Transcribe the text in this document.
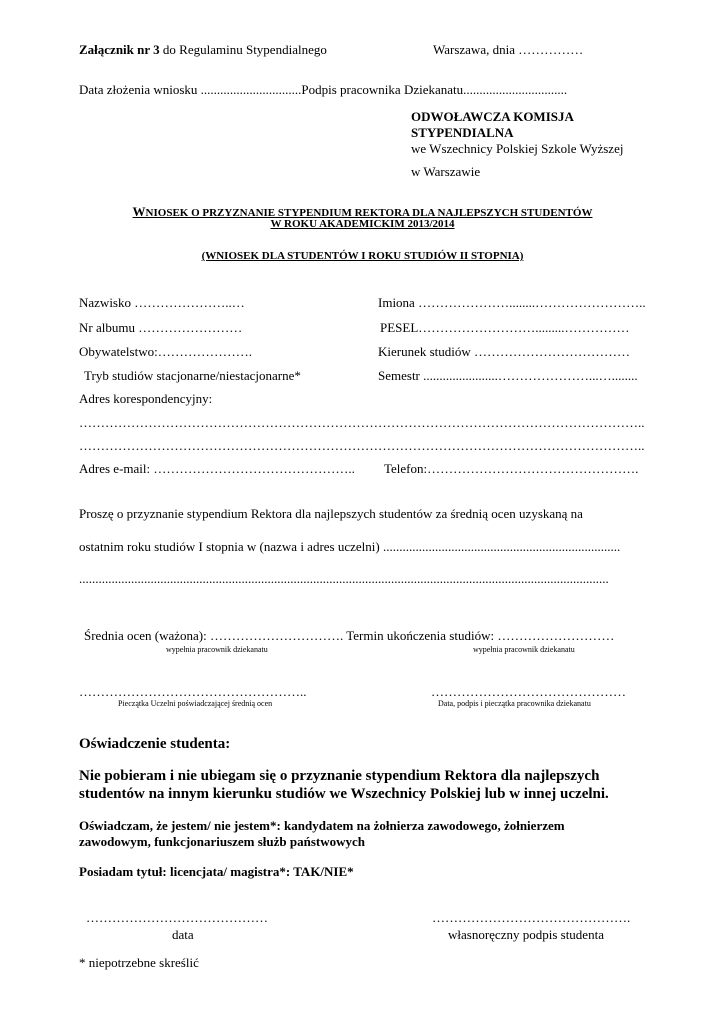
Załącznik nr 3 do Regulaminu Stypendialnego	Warszawa, dnia ……………
Data złożenia wniosku ...............................Podpis pracownika Dziekanatu................................
ODWOŁAWCZA KOMISJA
STYPENDIALNA
we Wszechnicy Polskiej Szkole Wyższej
w Warszawie
WNIOSEK O PRZYZNANIE STYPENDIUM REKTORA DLA NAJLEPSZYCH STUDENTÓW
W ROKU AKADEMICKIM 2013/2014
(WNIOSEK DLA STUDENTÓW I ROKU STUDIÓW II STOPNIA)
Nazwisko …………………..…	Imiona …………………........……………………..
Nr albumu ……………………	PESEL……………………….........……………
Obywatelstwo:………………….	Kierunek studiów ………………………………
Tryb studiów stacjonarne/niestacjonarne*	Semestr .......................…………………...…........
Adres korespondencyjny:
…………………………………………………………………………………………………………………..
…………………………………………………………………………………………………………………..
Adres e-mail: ……………………………………….. Telefon:………………………………………….
Proszę o przyznanie stypendium Rektora dla najlepszych studentów za średnią ocen uzyskaną na
ostatnim roku studiów I stopnia w (nazwa i adres uczelni) .........................................................................
...................................................................................................................................................................
Średnia ocen (ważona): …………………………. Termin ukończenia studiów: ………………………
wypełnia pracownik dziekanatu	wypełnia pracownik dziekanatu
……………………………………………..	………………………………………
Pieczątka Uczelni poświadczającej średnią ocen	Data, podpis i pieczątka pracownika dziekanatu
Oświadczenie studenta:
Nie pobieram i nie ubiegam się o przyznanie stypendium Rektora dla najlepszych
studentów na innym kierunku studiów we Wszechnicy Polskiej lub w innej uczelni.
Oświadczam, że jestem/ nie jestem*: kandydatem na żołnierza zawodowego, żołnierzem
zawodowym, funkcjonariuszem służb państwowych
Posiadam tytuł: licencjata/ magistra*: TAK/NIE*
……………………………………
data
……………………………………….
własnoręczny podpis studenta
* niepotrzebne skreślić
